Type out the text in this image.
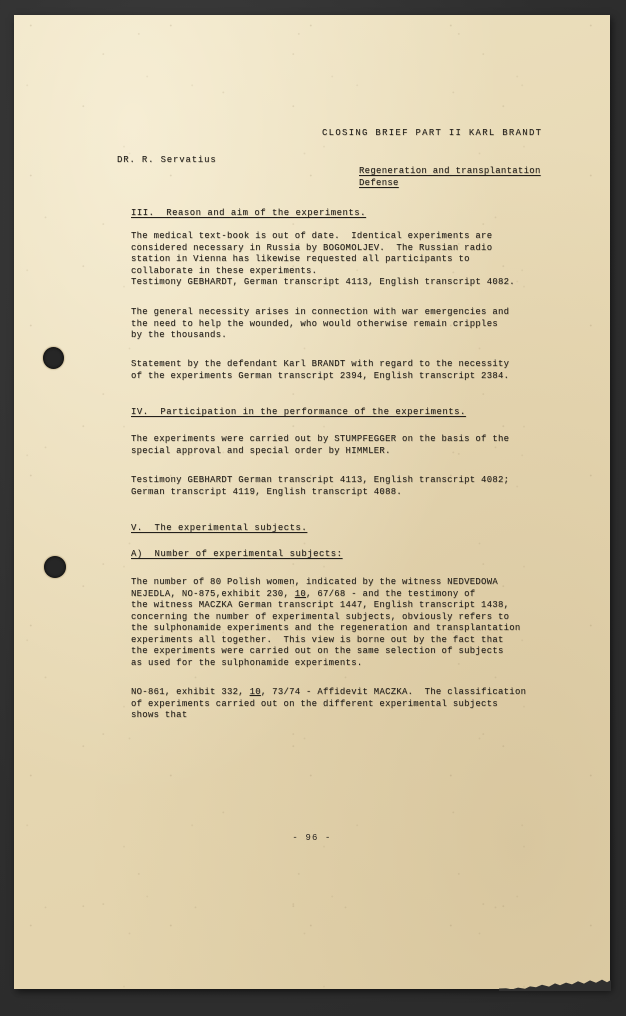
CLOSING BRIEF PART II KARL BRANDT
DR. R. Servatius
Regeneration and transplantation
Defense
III.  Reason and aim of the experiments.
The medical text-book is out of date.  Identical experiments are
considered necessary in Russia by BOGOMOLJEV.  The Russian radio
station in Vienna has likewise requested all participants to
collaborate in these experiments.
Testimony GEBHARDT, German transcript 4113, English transcript 4082.
The general necessity arises in connection with war emergencies and
the need to help the wounded, who would otherwise remain cripples
by the thousands.
Statement by the defendant Karl BRANDT with regard to the necessity
of the experiments German transcript 2394, English transcript 2384.
IV.  Participation in the performance of the experiments.
The experiments were carried out by STUMPFEGGER on the basis of the
special approval and special order by HIMMLER.
Testimony GEBHARDT German transcript 4113, English transcript 4082;
German transcript 4119, English transcript 4088.
V.  The experimental subjects.
A)  Number of experimental subjects:
The number of 80 Polish women, indicated by the witness NEDVEDOWA
NEJEDLA, NO-875,exhibit 230, 10, 67/68 - and the testimony of
the witness MACZKA German transcript 1447, English transcript 1438,
concerning the number of experimental subjects, obviously refers to
the sulphonamide experiments and the regeneration and transplantation
experiments all together.  This view is borne out by the fact that
the experiments were carried out on the same selection of subjects
as used for the sulphonamide experiments.
NO-861, exhibit 332, 10, 73/74 - Affidevit MACZKA.  The classification
of experiments carried out on the different experimental subjects
shows that
- 96 -
